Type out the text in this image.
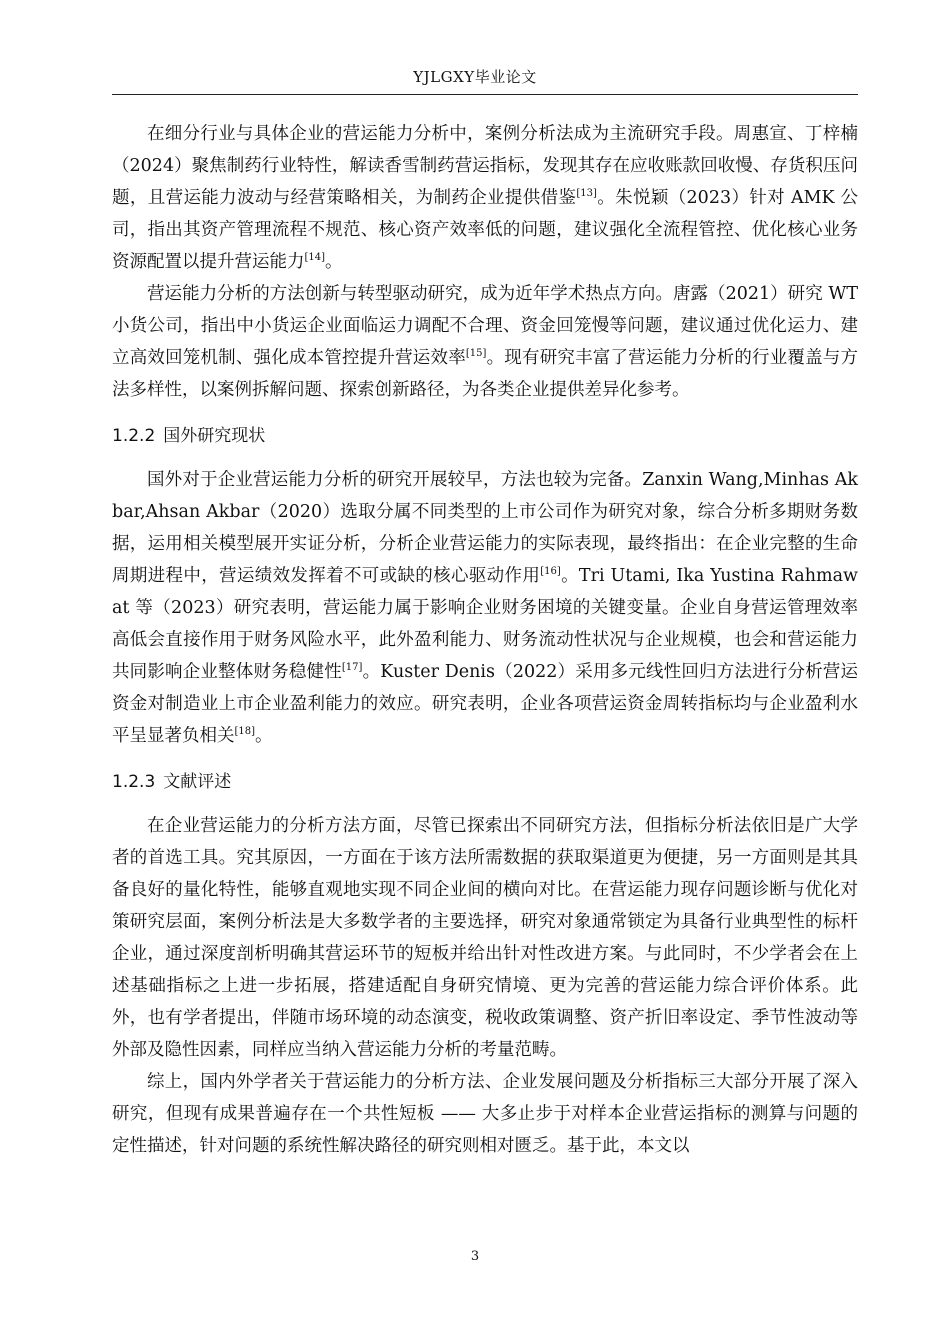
YJLGXY毕业论文

在细分行业与具体企业的营运能力分析中，案例分析法成为主流研究手段。周惠宣、丁梓楠（2024）聚焦制药行业特性，解读香雪制药营运指标，发现其存在应收账款回收慢、存货积压问题，且营运能力波动与经营策略相关，为制药企业提供借鉴[13]。朱悦颖（2023）针对 AMK 公司，指出其资产管理流程不规范、核心资产效率低的问题，建议强化全流程管控、优化核心业务资源配置以提升营运能力[14]。

营运能力分析的方法创新与转型驱动研究，成为近年学术热点方向。唐露（2021）研究 WT 小货公司，指出中小货运企业面临运力调配不合理、资金回笼慢等问题，建议通过优化运力、建立高效回笼机制、强化成本管控提升营运效率[15]。现有研究丰富了营运能力分析的行业覆盖与方法多样性，以案例拆解问题、探索创新路径，为各类企业提供差异化参考。

1.2.2 国外研究现状

国外对于企业营运能力分析的研究开展较早，方法也较为完备。Zanxin Wang,Minhas Akbar,Ahsan Akbar（2020）选取分属不同类型的上市公司作为研究对象，综合分析多期财务数据，运用相关模型展开实证分析，分析企业营运能力的实际表现，最终指出：在企业完整的生命周期进程中，营运绩效发挥着不可或缺的核心驱动作用[16]。Tri Utami, Ika Yustina Rahmawat 等（2023）研究表明，营运能力属于影响企业财务困境的关键变量。企业自身营运管理效率高低会直接作用于财务风险水平，此外盈利能力、财务流动性状况与企业规模，也会和营运能力共同影响企业整体财务稳健性[17]。Kuster Denis（2022）采用多元线性回归方法进行分析营运资金对制造业上市企业盈利能力的效应。研究表明，企业各项营运资金周转指标均与企业盈利水平呈显著负相关[18]。

1.2.3 文献评述

在企业营运能力的分析方法方面，尽管已探索出不同研究方法，但指标分析法依旧是广大学者的首选工具。究其原因，一方面在于该方法所需数据的获取渠道更为便捷，另一方面则是其具备良好的量化特性，能够直观地实现不同企业间的横向对比。在营运能力现存问题诊断与优化对策研究层面，案例分析法是大多数学者的主要选择，研究对象通常锁定为具备行业典型性的标杆企业，通过深度剖析明确其营运环节的短板并给出针对性改进方案。与此同时，不少学者会在上述基础指标之上进一步拓展，搭建适配自身研究情境、更为完善的营运能力综合评价体系。此外，也有学者提出，伴随市场环境的动态演变，税收政策调整、资产折旧率设定、季节性波动等外部及隐性因素，同样应当纳入营运能力分析的考量范畴。

综上，国内外学者关于营运能力的分析方法、企业发展问题及分析指标三大部分开展了深入研究，但现有成果普遍存在一个共性短板 —— 大多止步于对样本企业营运指标的测算与问题的定性描述，针对问题的系统性解决路径的研究则相对匮乏。基于此，本文以

3
